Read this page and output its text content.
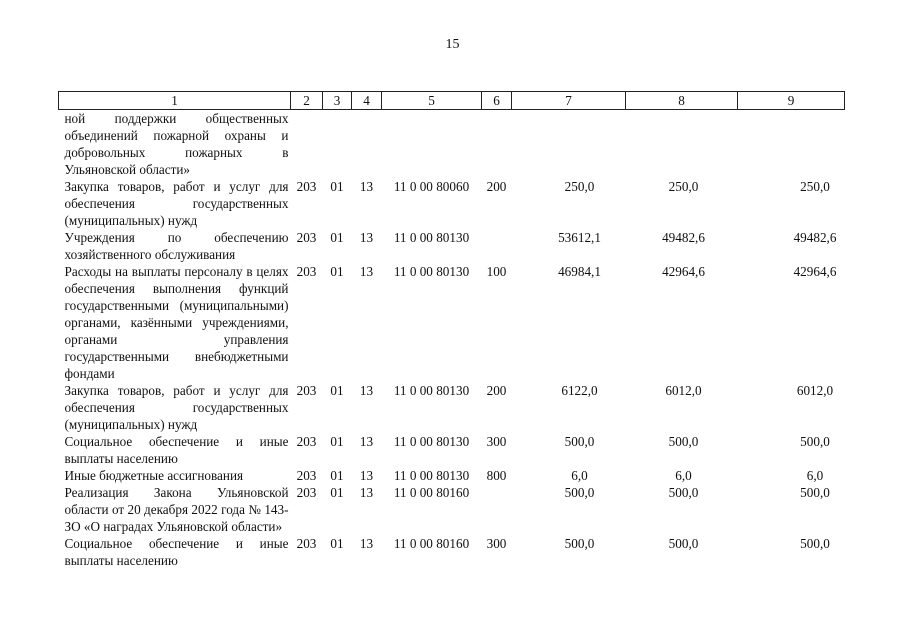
15
1	2	3	4	5	6	7	8	9
ной поддержки общественных объединений пожарной охраны и добровольных пожарных в Ульяновской области»								
Закупка товаров, работ и услуг для обеспечения государственных (муниципальных) нужд	203	01	13	11 0 00 80060	200	250,0	250,0	250,0
Учреждения по обеспечению хозяйственного обслуживания	203	01	13	11 0 00 80130		53612,1	49482,6	49482,6
Расходы на выплаты персоналу в целях обеспечения выполнения функций государственными (муниципальными) органами, казёнными учреждениями, органами управления государственными внебюджетными фондами	203	01	13	11 0 00 80130	100	46984,1	42964,6	42964,6
Закупка товаров, работ и услуг для обеспечения государственных (муниципальных) нужд	203	01	13	11 0 00 80130	200	6122,0	6012,0	6012,0
Социальное обеспечение и иные выплаты населению	203	01	13	11 0 00 80130	300	500,0	500,0	500,0
Иные бюджетные ассигнования	203	01	13	11 0 00 80130	800	6,0	6,0	6,0
Реализация Закона Ульяновской области от 20 декабря 2022 года № 143-ЗО «О наградах Ульяновской области»	203	01	13	11 0 00 80160		500,0	500,0	500,0
Социальное обеспечение и иные выплаты населению	203	01	13	11 0 00 80160	300	500,0	500,0	500,0
